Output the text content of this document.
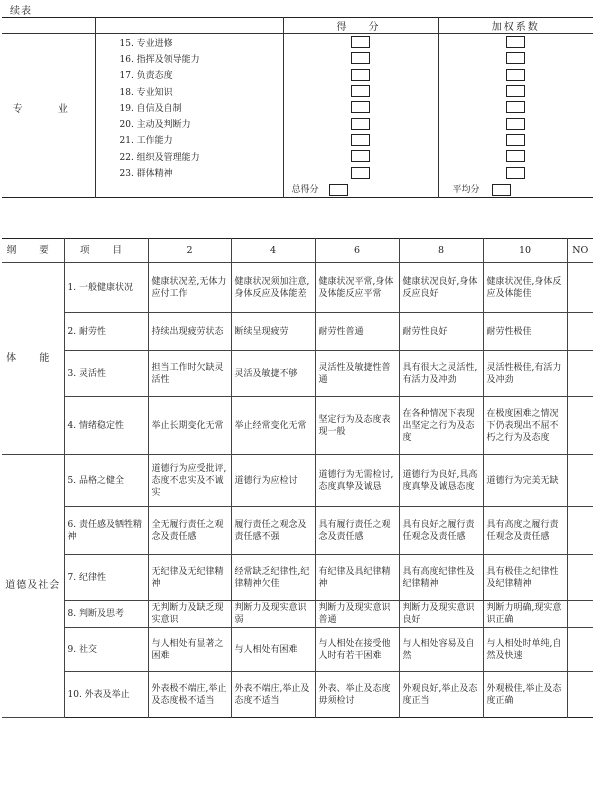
续表
		得　分	加权系数
专 业	15. 专业进修		
	16. 指挥及领导能力		
	17. 负责态度		
	18. 专业知识		
	19. 自信及自制		
	20. 主动及判断力		
	21. 工作能力		
	22. 组织及管理能力		
	23. 群体精神		
		总得分	平均分
纲 要	项 目	2	4	6	8	10	NO
体 能	1. 一般健康状况	健康状况差,无体力应付工作	健康状况须加注意,身体反应及体能差	健康状况平常,身体及体能反应平常	健康状况良好,身体反应良好	健康状况佳,身体反应及体能佳	
	2. 耐劳性	持续出现疲劳状态	断续呈现疲劳	耐劳性普通	耐劳性良好	耐劳性极佳	
	3. 灵活性	担当工作时欠缺灵活性	灵活及敏捷不够	灵活性及敏捷性普通	具有很大之灵活性,有活力及冲劲	灵活性极佳,有活力及冲劲	
	4. 情绪稳定性	举止长期变化无常	举止经常变化无常	坚定行为及态度表现一般	在各种情况下表现出坚定之行为及态度	在极度困难之情况下仍表现出不屈不朽之行为及态度	
道德及社会	5. 品格之健全	道德行为应受批评,态度不忠实及不诚实	道德行为应检讨	道德行为无需检讨,态度真挚及诚恳	道德行为良好,具高度真挚及诚恳态度	道德行为完美无缺	
	6. 责任感及牺牲精神	全无履行责任之观念及责任感	履行责任之观念及责任感不强	具有履行责任之观念及责任感	具有良好之履行责任观念及责任感	具有高度之履行责任观念及责任感	
	7. 纪律性	无纪律及无纪律精神	经常缺乏纪律性,纪律精神欠佳	有纪律及具纪律精神	具有高度纪律性及纪律精神	具有极佳之纪律性及纪律精神	
	8. 判断及思考	无判断力及缺乏现实意识	判断力及现实意识弱	判断力及现实意识普通	判断力及现实意识良好	判断力明确,现实意识正确	
	9. 社交	与人相处有显著之困难	与人相处有困难	与人相处在接受他人时有若干困难	与人相处容易及自然	与人相处时单纯,自然及快速	
	10. 外表及举止	外表极不端庄,举止及态度极不适当	外表不端庄,举止及态度不适当	外表、举止及态度毋须检讨	外观良好,举止及态度正当	外观极佳,举止及态度正确	
